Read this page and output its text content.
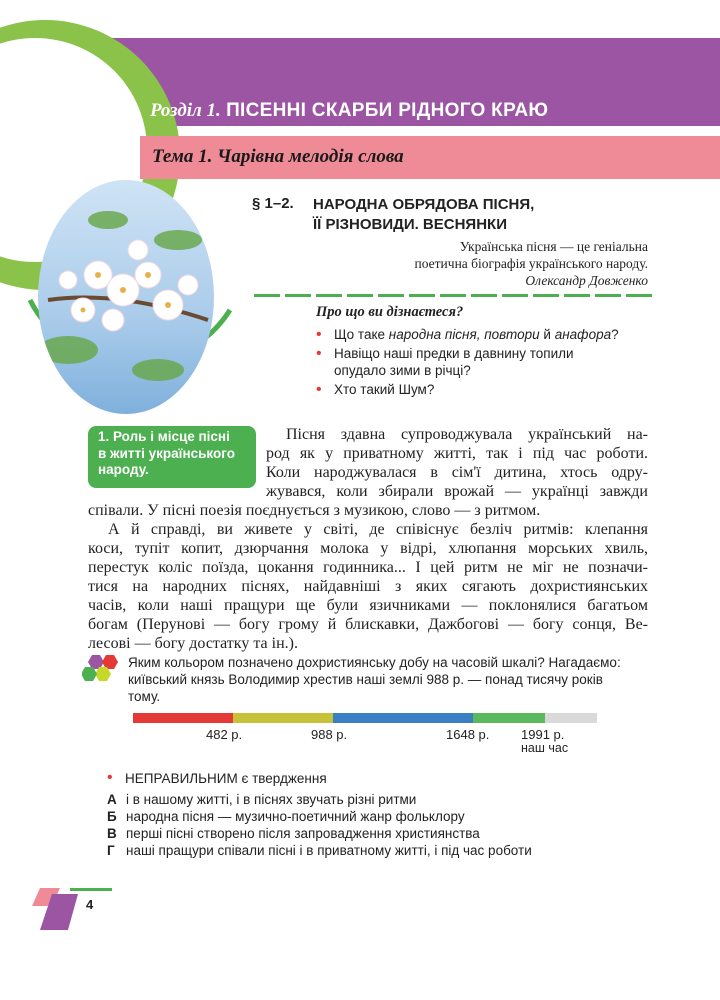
Розділ 1. ПІСЕННІ СКАРБИ РІДНОГО КРАЮ
Тема 1. Чарівна мелодія слова
§ 1–2. НАРОДНА ОБРЯДОВА ПІСНЯ,
ЇЇ РІЗНОВИДИ. ВЕСНЯНКИ
Українська пісня — це геніальна
поетична біографія українського народу.
Олександр Довженко
Про що ви дізнаєтеся?
• Що таке народна пісня, повтори й анафора?
• Навіщо наші предки в давнину топили
опудало зими в річці?
• Хто такий Шум?
1. Роль і місце пісні
в житті українського
народу.
Пісня здавна супроводжувала український на-
род як у приватному житті, так і під час роботи.
Коли народжувалася в сім'ї дитина, хтось одру-
жувався, коли збирали врожай — українці завжди
співали. У пісні поезія поєднується з музикою, слово — з ритмом.
А й справді, ви живете у світі, де співіснує безліч ритмів: клепання
коси, тупіт копит, дзюрчання молока у відрі, хлюпання морських хвиль,
перестук коліс поїзда, цокання годинника... І цей ритм не міг не позначи-
тися на народних піснях, найдавніші з яких сягають дохристиянських
часів, коли наші пращури ще були язичниками — поклонялися багатьом
богам (Перунові — богу грому й блискавки, Дажбогові — богу сонця, Ве-
лесові — богу достатку та ін.).
Яким кольором позначено дохристиянську добу на часовій шкалі? Нагадаємо:
київський князь Володимир хрестив наші землі 988 р. — понад тисячу років
тому.
482 р.	988 р.	1648 р. 1991 р.
наш час
• НЕПРАВИЛЬНИМ є твердження
А і в нашому житті, і в піснях звучать різні ритми
Б народна пісня — музично-поетичний жанр фольклору
В перші пісні створено після запровадження християнства
Г наші пращури співали пісні і в приватному житті, і під час роботи
4
